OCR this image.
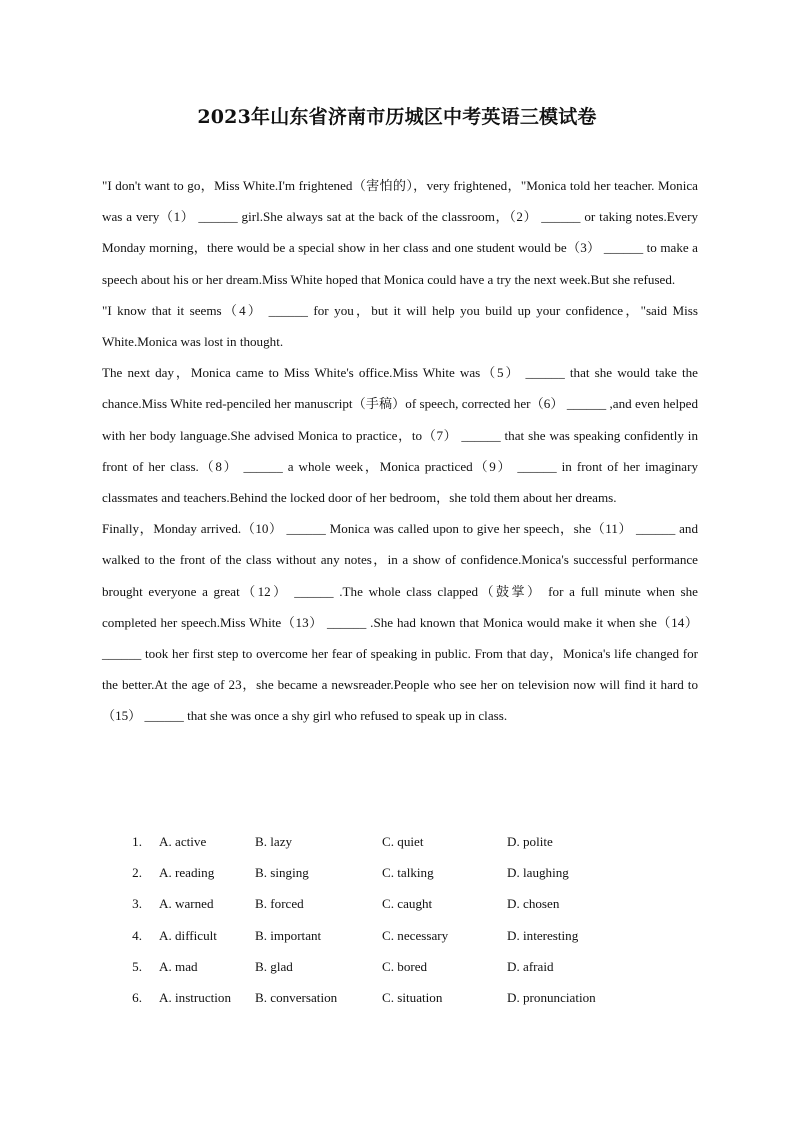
2023年山东省济南市历城区中考英语三模试卷

"I don't want to go，Miss White.I'm frightened（害怕的），very frightened，"Monica told her teacher. Monica was a very（1） ______ girl.She always sat at the back of the classroom，（2） ______ or taking notes.Every Monday morning，there would be a special show in her class and one student would be（3） ______ to make a speech about his or her dream.Miss White hoped that Monica could have a try the next week.But she refused.

"I know that it seems（4） ______ for you，but it will help you build up your confidence，"said Miss White.Monica was lost in thought.

The next day，Monica came to Miss White's office.Miss White was（5） ______ that she would take the chance.Miss White red-penciled her manuscript（手稿）of speech, corrected her（6） ______ ,and even helped with her body language.She advised Monica to practice，to（7） ______ that she was speaking confidently in front of her class.（8） ______ a whole week，Monica practiced（9） ______ in front of her imaginary classmates and teachers.Behind the locked door of her bedroom，she told them about her dreams.

Finally，Monday arrived.（10） ______ Monica was called upon to give her speech，she（11） ______ and walked to the front of the class without any notes，in a show of confidence.Monica's successful performance brought everyone a great（12） ______ .The whole class clapped（鼓掌） for a full minute when she completed her speech.Miss White（13） ______ .She had known that Monica would make it when she（14） ______ took her first step to overcome her fear of speaking in public. From that day，Monica's life changed for the better.At the age of 23，she became a newsreader.People who see her on television now will find it hard to（15） ______ that she was once a shy girl who refused to speak up in class.

1. A. active	B. lazy	C. quiet	D. polite
2. A. reading	B. singing	C. talking	D. laughing
3. A. warned	B. forced	C. caught	D. chosen
4. A. difficult	B. important	C. necessary	D. interesting
5. A. mad	B. glad	C. bored	D. afraid
6. A. instruction B. conversation	C. situation	D. pronunciation
